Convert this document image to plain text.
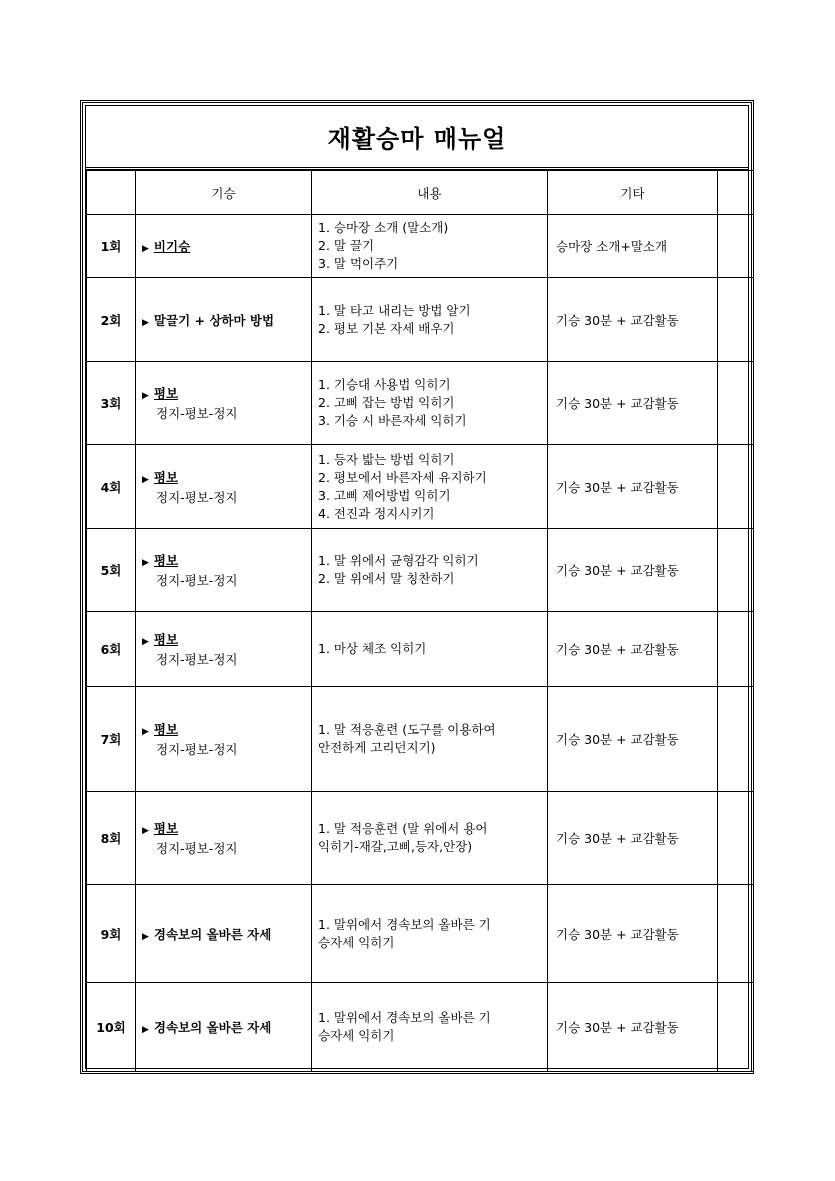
재활승마 매뉴얼
	기승	내용	기타	
1회	▶ 비기승	1. 승마장 소개 (말소개)
2. 말 끌기
3. 말 먹이주기	승마장 소개+말소개	
2회	▶ 말끌기 + 상하마 방법	1. 말 타고 내리는 방법 알기
2. 평보 기본 자세 배우기	기승 30분 + 교감활동	
3회	▶ 평보
정지-평보-정지	1. 기승대 사용법 익히기
2. 고삐 잡는 방법 익히기
3. 기승 시 바른자세 익히기	기승 30분 + 교감활동	
4회	▶ 평보
정지-평보-정지	1. 등자 밟는 방법 익히기
2. 평보에서 바른자세 유지하기
3. 고삐 제어방법 익히기
4. 전진과 정지시키기	기승 30분 + 교감활동	
5회	▶ 평보
정지-평보-정지	1. 말 위에서 균형감각 익히기
2. 말 위에서 말 칭찬하기	기승 30분 + 교감활동	
6회	▶ 평보
정지-평보-정지	1. 마상 체조 익히기	기승 30분 + 교감활동	
7회	▶ 평보
정지-평보-정지	1. 말 적응훈련 (도구를 이용하여
안전하게 고리던지기)	기승 30분 + 교감활동	
8회	▶ 평보
정지-평보-정지	1. 말 적응훈련 (말 위에서 용어
익히기-재갈,고삐,등자,안장)	기승 30분 + 교감활동	
9회	▶ 경속보의 올바른 자세	1. 말위에서 경속보의 올바른 기
승자세 익히기	기승 30분 + 교감활동	
10회	▶ 경속보의 올바른 자세	1. 말위에서 경속보의 올바른 기
승자세 익히기	기승 30분 + 교감활동	
